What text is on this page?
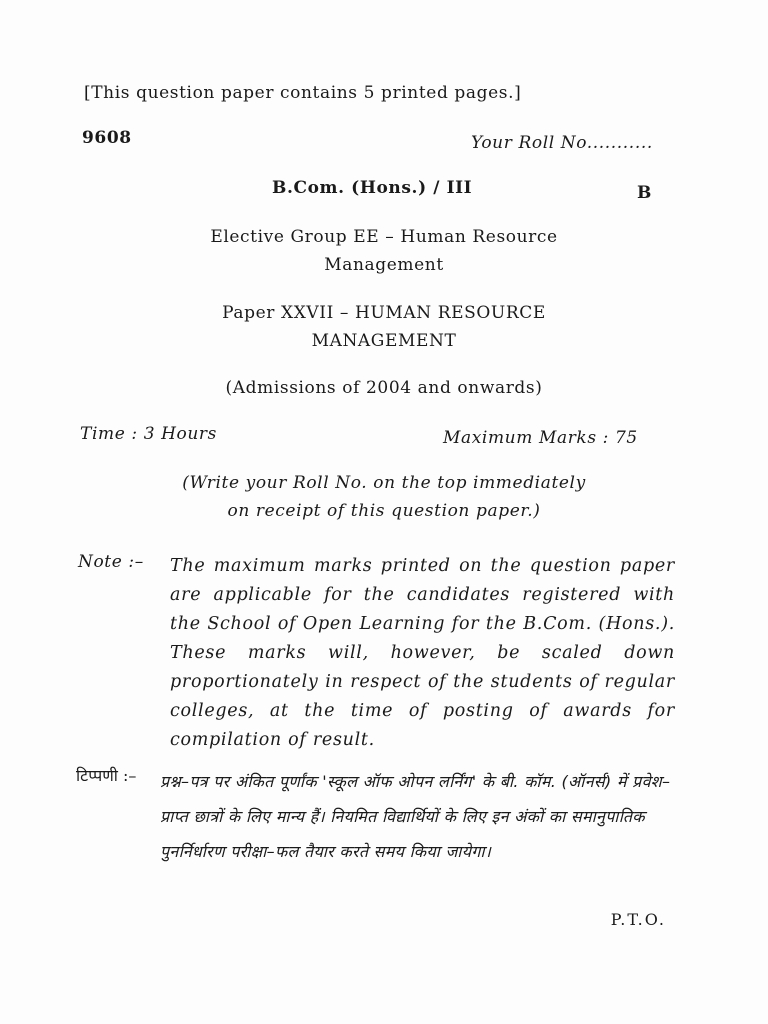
[This question paper contains 5 printed pages.]
9608	Your Roll No...........
B.Com. (Hons.) / III	B
Elective Group EE – Human Resource
Management
Paper XXVII – HUMAN RESOURCE
MANAGEMENT
(Admissions of 2004 and onwards)
Time : 3 Hours	Maximum Marks : 75
(Write your Roll No. on the top immediately
on receipt of this question paper.)
Note :– The maximum marks printed on the question paper are applicable for the candidates registered with the School of Open Learning for the B.Com. (Hons.). These marks will, however, be scaled down proportionately in respect of the students of regular colleges, at the time of posting of awards for compilation of result.

टिप्पणी :– प्रश्न–पत्र पर अंकित पूर्णांक 'स्कूल ऑफ ओपन लर्निंग' के बी. कॉम. (ऑनर्स) में प्रवेश–प्राप्त छात्रों के लिए मान्य हैं। नियमित विद्यार्थियों के लिए इन अंकों का समानुपातिक पुनर्निर्धारण परीक्षा–फल तैयार करते समय किया जायेगा।

P.T.O.
